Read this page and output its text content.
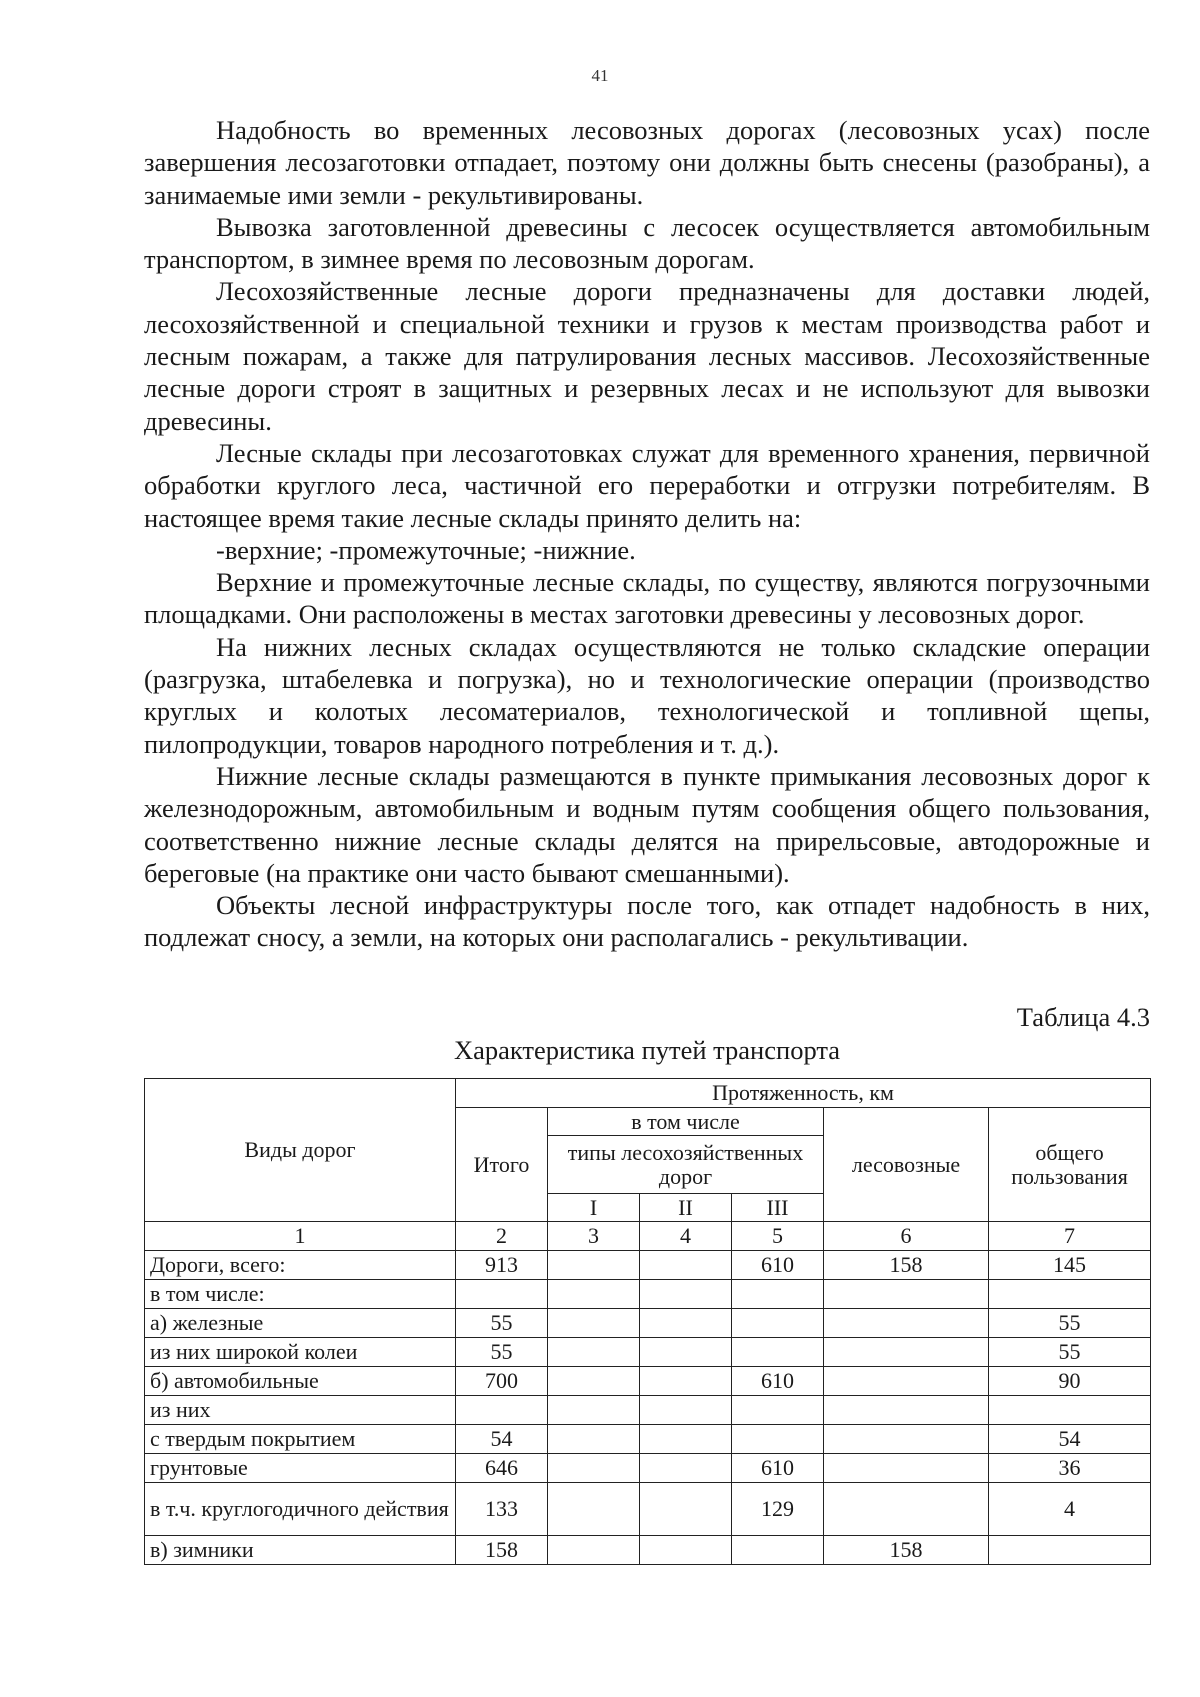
41

Надобность во временных лесовозных дорогах (лесовозных усах) после завершения лесозаготовки отпадает, поэтому они должны быть снесены (разобраны), а занимаемые ими земли - рекультивированы.

Вывозка заготовленной древесины с лесосек осуществляется автомобильным транспортом, в зимнее время по лесовозным дорогам.

Лесохозяйственные лесные дороги предназначены для доставки людей, лесохозяйственной и специальной техники и грузов к местам производства работ и лесным пожарам, а также для патрулирования лесных массивов. Лесохозяйственные лесные дороги строят в защитных и резервных лесах и не используют для вывозки древесины.

Лесные склады при лесозаготовках служат для временного хранения, первичной обработки круглого леса, частичной его переработки и отгрузки потребителям. В настоящее время такие лесные склады принято делить на:

-верхние; -промежуточные; -нижние.

Верхние и промежуточные лесные склады, по существу, являются погрузочными площадками. Они расположены в местах заготовки древесины у лесовозных дорог.

На нижних лесных складах осуществляются не только складские операции (разгрузка, штабелевка и погрузка), но и технологические операции (производство круглых и колотых лесоматериалов, технологической и топливной щепы, пилопродукции, товаров народного потребления и т. д.).

Нижние лесные склады размещаются в пункте примыкания лесовозных дорог к железнодорожным, автомобильным и водным путям сообщения общего пользования, соответственно нижние лесные склады делятся на прирельсовые, автодорожные и береговые (на практике они часто бывают смешанными).

Объекты лесной инфраструктуры после того, как отпадет надобность в них, подлежат сносу, а земли, на которых они располагались - рекультивации.

Таблица 4.3
Характеристика путей транспорта
Виды дорог	Протяженность, км					
	Итого	в том числе			лесовозные	общего пользования
		типы лесохозяйственных дорог				
		I	II	III		
1	2	3	4	5	6	7
Дороги, всего:	913			610	158	145
в том числе:						
а) железные	55					55
из них широкой колеи	55					55
б) автомобильные	700			610		90
из них						
с твердым покрытием	54					54
грунтовые	646			610		36
в т.ч. круглогодичного действия	133			129		4
в) зимники	158				158	
